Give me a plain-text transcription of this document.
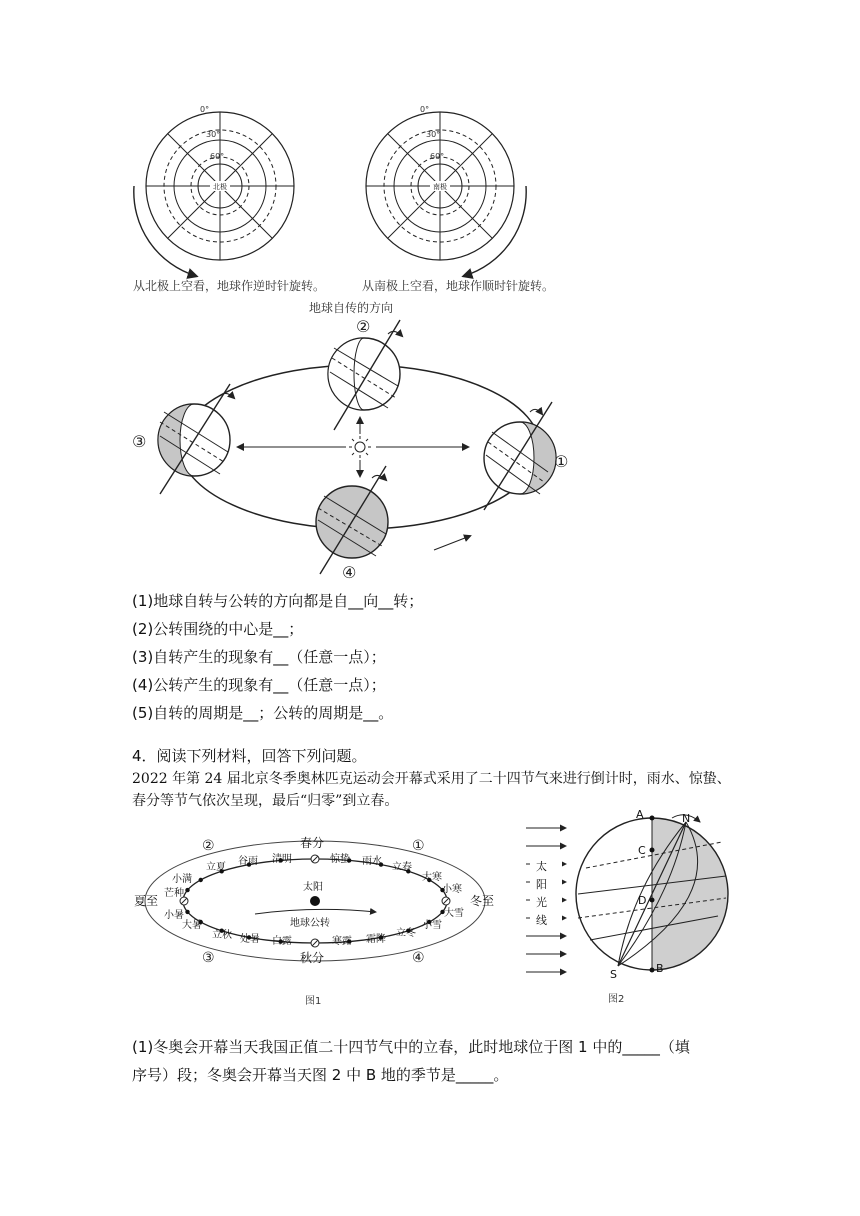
0°
30°
60°
北极
0°
30°
60°
南极
从北极上空看，地球作逆时针旋转。	从南极上空看，地球作顺时针旋转。
地球自传的方向
①
②
③
④
(1)地球自转与公转的方向都是自__向__转；
(2)公转围绕的中心是__；
(3)自转产生的现象有__（任意一点）；
(4)公转产生的现象有__（任意一点）；
(5)自转的周期是__；公转的周期是__。
4．阅读下列材料，回答下列问题。
2022 年第 24 届北京冬季奥林匹克运动会开幕式采用了二十四节气来进行倒计时，雨水、惊蛰、春分等节气依次呈现，最后“归零”到立春。
太阳
地球公转
②	①
③	④
春分
秋分
夏至	冬至
小满
立夏
谷雨 清明	惊蛰 雨水
立春
大寒
芒种
小暑
小寒
大雪
大暑
立秋 处暑 白露	寒露 霜降
立冬
小雪
图1
太
阳
光
线
A	N
C
D
S	B
图2
(1)冬奥会开幕当天我国正值二十四节气中的立春，此时地球位于图 1 中的_____（填
序号）段；冬奥会开幕当天图 2 中 B 地的季节是_____。
